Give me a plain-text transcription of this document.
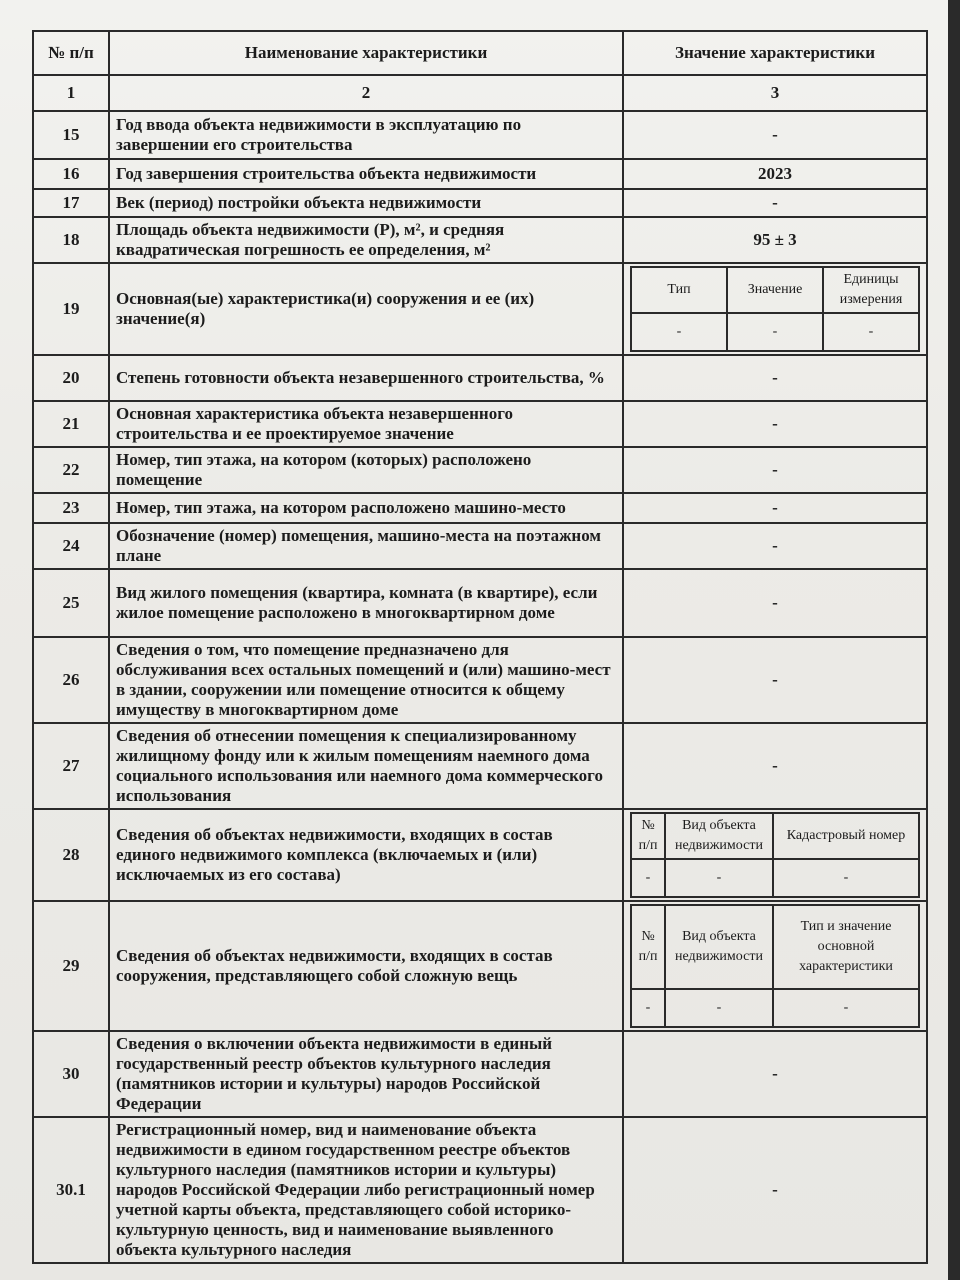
№ п/п	Наименование характеристики	Значение характеристики
1	2	3
15	Год ввода объекта недвижимости в эксплуатацию по завершении его строительства	-
16	Год завершения строительства объекта недвижимости	2023
17	Век (период) постройки объекта недвижимости	-
18	Площадь объекта недвижимости (P), м², и средняя квадратическая погрешность ее определения, м²	95 ± 3
19	Основная(ые) характеристика(и) сооружения и ее (их) значение(я)	
Тип	Значение	Единицы измерения
-	-	-

20	Степень готовности объекта незавершенного строительства, %	-
21	Основная характеристика объекта незавершенного строительства и ее проектируемое значение	-
22	Номер, тип этажа, на котором (которых) расположено помещение	-
23	Номер, тип этажа, на котором расположено машино-место	-
24	Обозначение (номер) помещения, машино-места на поэтажном плане	-
25	Вид жилого помещения (квартира, комната (в квартире), если жилое помещение расположено в многоквартирном доме	-
26	Сведения о том, что помещение предназначено для обслуживания всех остальных помещений и (или) машино-мест в здании, сооружении или помещение относится к общему имуществу в многоквартирном доме	-
27	Сведения об отнесении помещения к специализированному жилищному фонду или к жилым помещениям наемного дома социального использования или наемного дома коммерческого использования	-
28	Сведения об объектах недвижимости, входящих в состав единого недвижимого комплекса (включаемых и (или) исключаемых из его состава)	
№ п/п	Вид объекта недвижимости	Кадастровый номер
-	-	-

29	Сведения об объектах недвижимости, входящих в состав сооружения, представляющего собой сложную вещь	
№ п/п	Вид объекта недвижимости	Тип и значение основной характеристики
-	-	-

30	Сведения о включении объекта недвижимости в единый государственный реестр объектов культурного наследия (памятников истории и культуры) народов Российской Федерации	-
30.1	Регистрационный номер, вид и наименование объекта недвижимости в едином государственном реестре объектов культурного наследия (памятников истории и культуры) народов Российской Федерации либо регистрационный номер учетной карты объекта, представляющего собой историко-культурную ценность, вид и наименование выявленного объекта культурного наследия	-
